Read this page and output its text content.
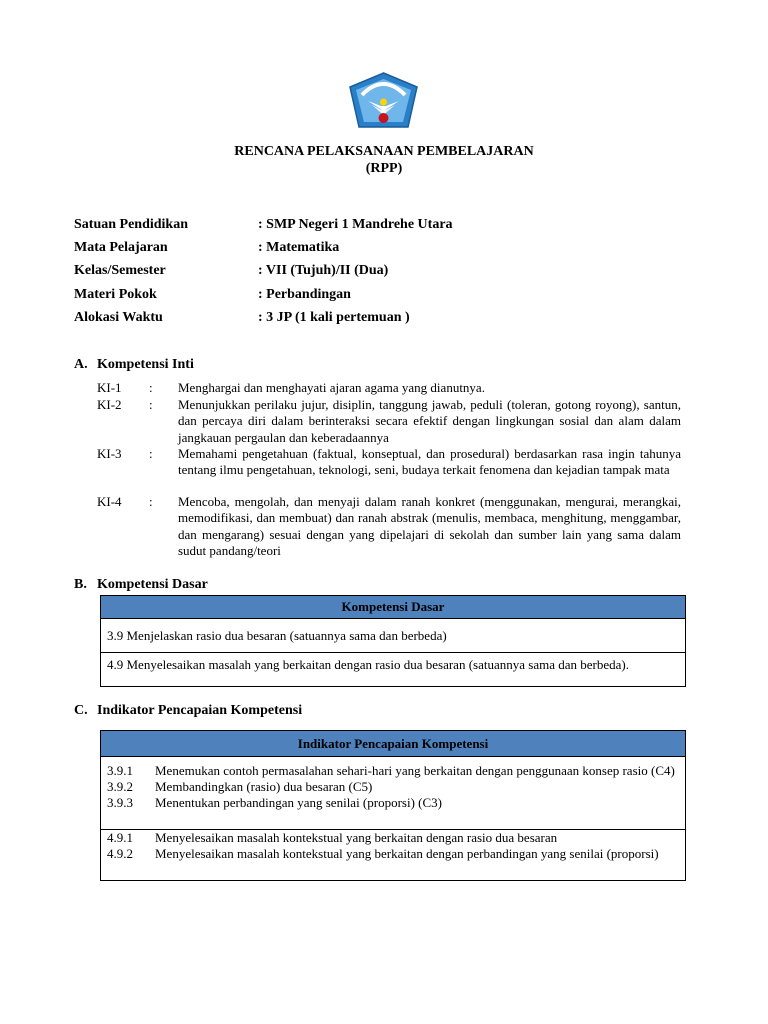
RENCANA PELAKSANAAN PEMBELAJARAN
(RPP)
Satuan Pendidikan	: SMP Negeri 1 Mandrehe Utara
Mata Pelajaran	: Matematika
Kelas/Semester	: VII (Tujuh)/II (Dua)
Materi Pokok	: Perbandingan
Alokasi Waktu	: 3 JP (1 kali pertemuan )
A. Kompetensi Inti
KI-1 : Menghargai dan menghayati ajaran agama yang dianutnya.
KI-2 : Menunjukkan perilaku jujur, disiplin, tanggung jawab, peduli (toleran, gotong royong), santun, dan percaya diri dalam berinteraksi secara efektif dengan lingkungan sosial dan alam dalam jangkauan pergaulan dan keberadaannya
KI-3 : Memahami pengetahuan (faktual, konseptual, dan prosedural) berdasarkan rasa ingin tahunya tentang ilmu pengetahuan, teknologi, seni, budaya terkait fenomena dan kejadian tampak mata
KI-4 : Mencoba, mengolah, dan menyaji dalam ranah konkret (menggunakan, mengurai, merangkai, memodifikasi, dan membuat) dan ranah abstrak (menulis, membaca, menghitung, menggambar, dan mengarang) sesuai dengan yang dipelajari di sekolah dan sumber lain yang sama dalam sudut pandang/teori
B. Kompetensi Dasar
Kompetensi Dasar
3.9 Menjelaskan rasio dua besaran (satuannya sama dan berbeda)
4.9 Menyelesaikan masalah yang berkaitan dengan rasio dua besaran (satuannya sama dan berbeda).
C. Indikator Pencapaian Kompetensi
Indikator Pencapaian Kompetensi
3.9.1	Menemukan contoh permasalahan sehari-hari yang berkaitan dengan penggunaan konsep rasio (C4)
3.9.2	Membandingkan (rasio) dua besaran (C5)
3.9.3	Menentukan perbandingan yang senilai (proporsi) (C3)
4.9.1	Menyelesaikan masalah kontekstual yang berkaitan dengan rasio dua besaran
4.9.2	Menyelesaikan masalah kontekstual yang berkaitan dengan perbandingan yang senilai (proporsi)
